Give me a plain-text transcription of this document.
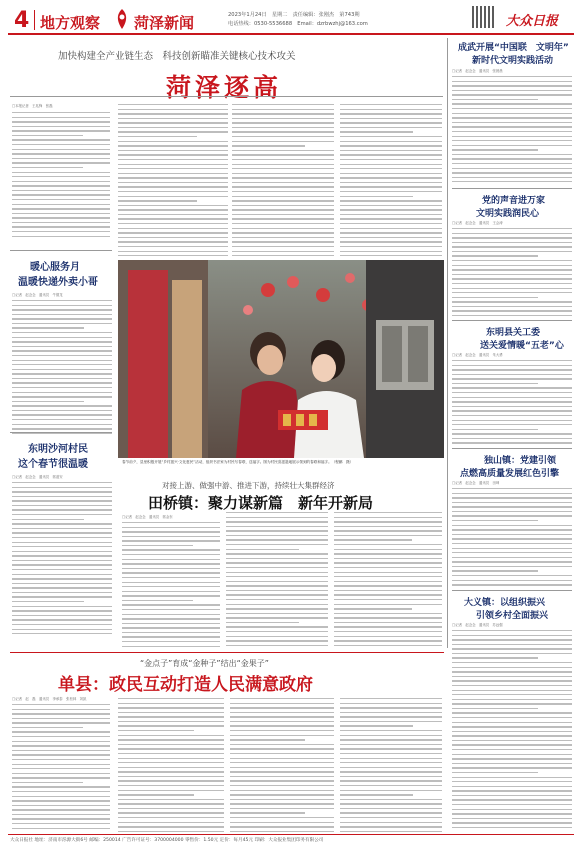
4 地方观察 菏泽新闻	2023年1月24日　星期二　责任编辑：张刚杰　第743期
电话热线：0530-5536688　Email：dzrbwzhj@163.com	大众日报
加快构建全产业链生态　科技创新瞄准关键核心技术攻关
菏泽逐高
□本报记者　王兆锋　张磊
暖心服务月
温暖快递外卖小哥
□记者　赵念念　通讯员　牛德龙
东明沙河村民
这个春节很温暖
□记者　赵念念　通讯员　郭道安
春节前夕，县里积极开展“乡村振兴·文化惠民”活动，组织书法家为村民写春联、送福字。图为村民喜滋滋地展示领到的春联和福字。（程鹏　摄）
对接上游、做强中游、推进下游，持续壮大集群经济
田桥镇：聚力谋新篇　新年开新局
□记者　赵念念　通讯员　郭金东
成武开展“中国联　文明年”
新时代文明实践活动
□记者　赵念念　通讯员　张晨晨
党的声音进万家
文明实践润民心
□记者　赵念念　通讯员　王会涛
东明县关工委
送关爱情暖“五老”心
□记者　赵念念　通讯员　朱大勇
独山镇：党建引领
点燃高质量发展红色引擎
□记者　赵念念　通讯员　田坤
大义镇：以组织振兴
引领乡村全面振兴
□记者　赵念念　通讯员　苏远强
“金点子”育成“金种子”结出“金果子”
单县：政民互动打造人民满意政府
□记者　赵　磊　通讯员　李承泰　张松林　刘凯
大众日报社 地址：济南市泺源大街6号 邮编：250014 广告许可证号：3700004000 零售价：1.50元 定价：每月45元 印刷：大众报业集团印务有限公司
